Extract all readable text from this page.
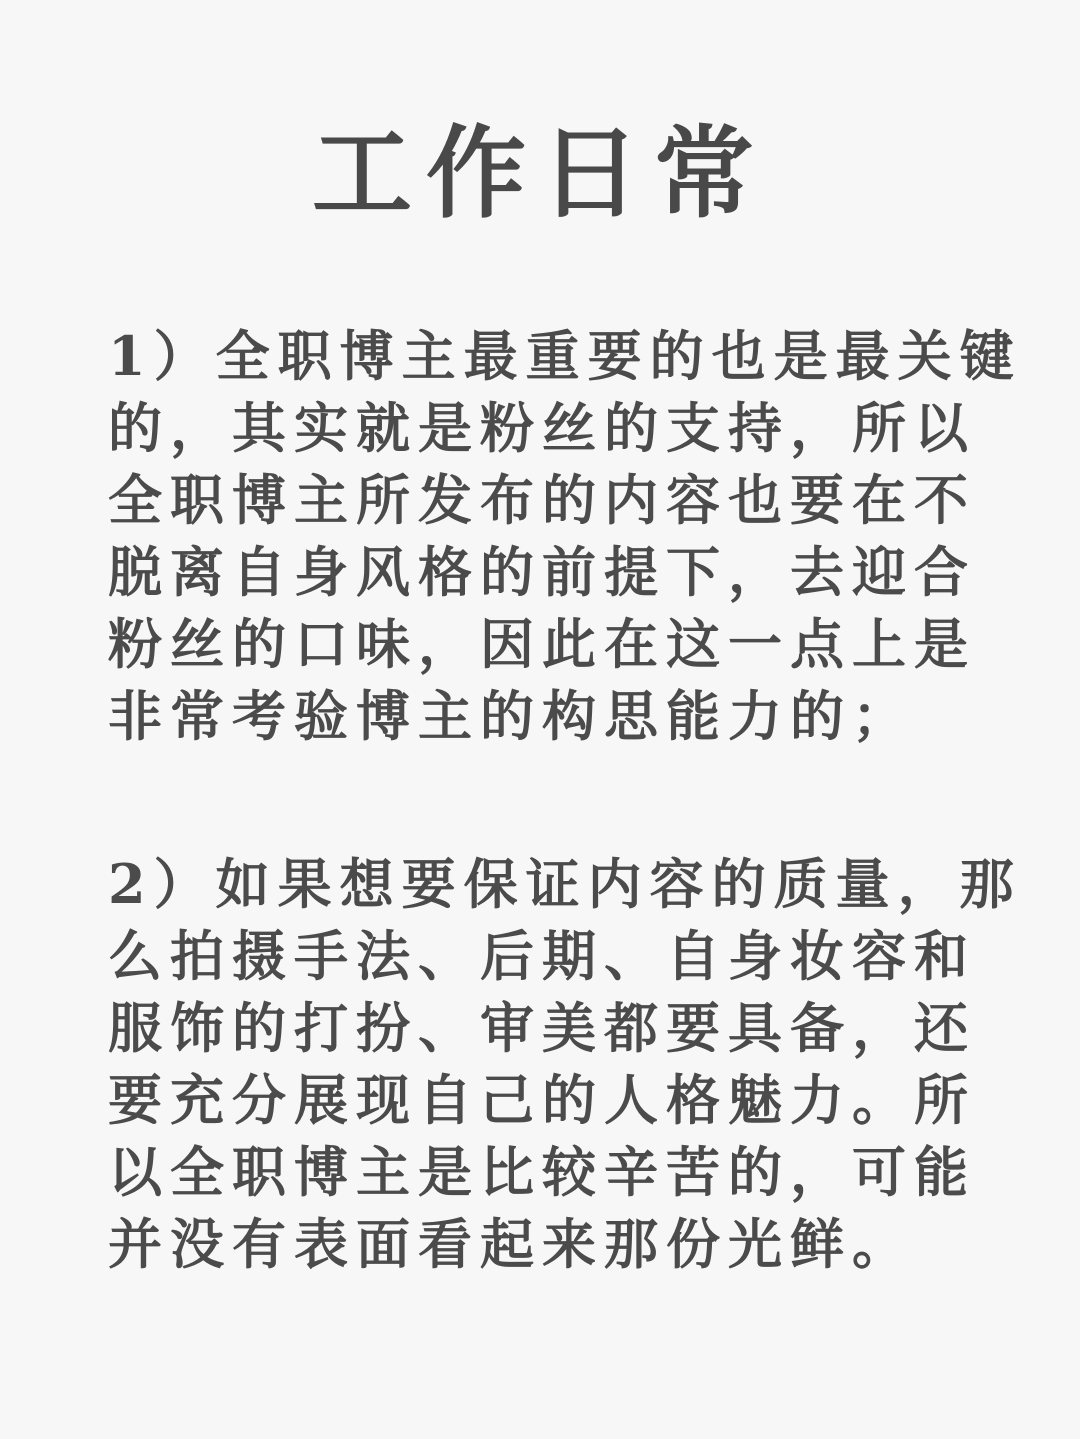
工作日常

1）全职博主最重要的也是最关键
的，其实就是粉丝的支持，所以
全职博主所发布的内容也要在不
脱离自身风格的前提下，去迎合
粉丝的口味，因此在这一点上是
非常考验博主的构思能力的；

2）如果想要保证内容的质量，那
么拍摄手法、后期、自身妆容和
服饰的打扮、审美都要具备，还
要充分展现自己的人格魅力。所
以全职博主是比较辛苦的，可能
并没有表面看起来那份光鲜。
